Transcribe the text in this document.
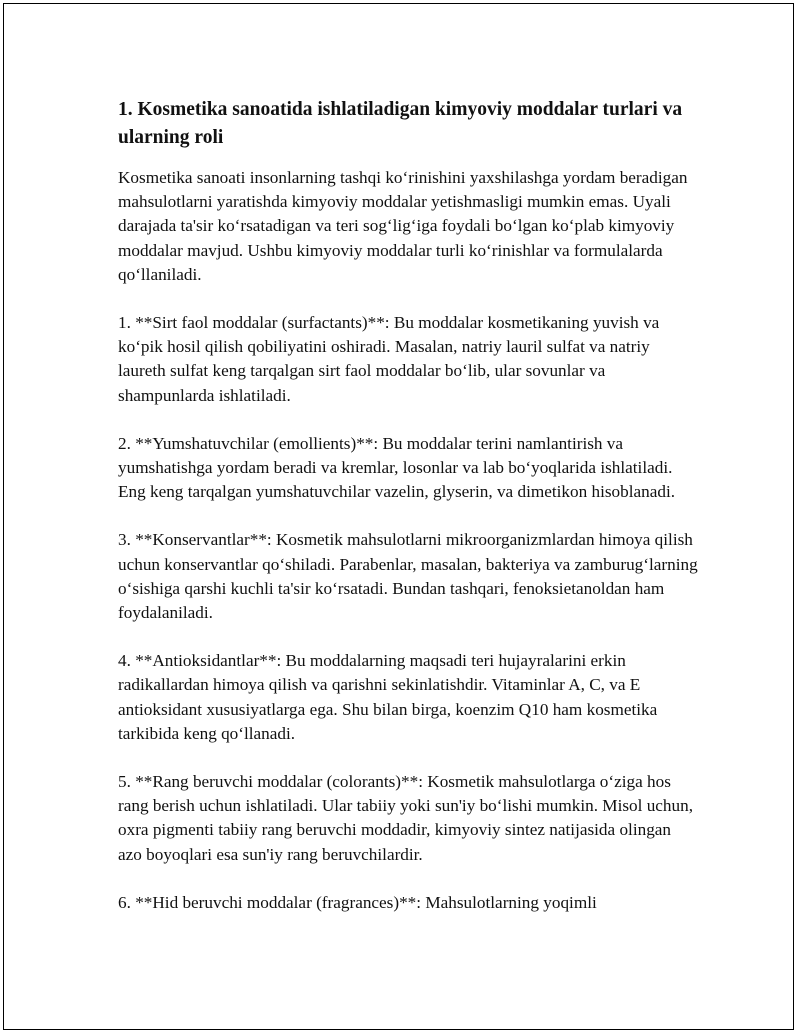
1. Kosmetika sanoatida ishlatiladigan kimyoviy moddalar turlari va ularning roli

Kosmetika sanoati insonlarning tashqi ko‘rinishini yaxshilashga yordam beradigan mahsulotlarni yaratishda kimyoviy moddalar yetishmasligi mumkin emas. Uyali darajada ta'sir ko‘rsatadigan va teri sog‘lig‘iga foydali bo‘lgan ko‘plab kimyoviy moddalar mavjud. Ushbu kimyoviy moddalar turli ko‘rinishlar va formulalarda qo‘llaniladi.

1. **Sirt faol moddalar (surfactants)**: Bu moddalar kosmetikaning yuvish va ko‘pik hosil qilish qobiliyatini oshiradi. Masalan, natriy lauril sulfat va natriy laureth sulfat keng tarqalgan sirt faol moddalar bo‘lib, ular sovunlar va shampunlarda ishlatiladi.

2. **Yumshatuvchilar (emollients)**: Bu moddalar terini namlantirish va yumshatishga yordam beradi va kremlar, losonlar va lab bo‘yoqlarida ishlatiladi. Eng keng tarqalgan yumshatuvchilar vazelin, glyserin, va dimetikon hisoblanadi.

3. **Konservantlar**: Kosmetik mahsulotlarni mikroorganizmlardan himoya qilish uchun konservantlar qo‘shiladi. Parabenlar, masalan, bakteriya va zamburug‘larning o‘sishiga qarshi kuchli ta'sir ko‘rsatadi. Bundan tashqari, fenoksietanoldan ham foydalaniladi.

4. **Antioksidantlar**: Bu moddalarning maqsadi teri hujayralarini erkin radikallardan himoya qilish va qarishni sekinlatishdir. Vitaminlar A, C, va E antioksidant xususiyatlarga ega. Shu bilan birga, koenzim Q10 ham kosmetika tarkibida keng qo‘llanadi.

5. **Rang beruvchi moddalar (colorants)**: Kosmetik mahsulotlarga o‘ziga hos rang berish uchun ishlatiladi. Ular tabiiy yoki sun'iy bo‘lishi mumkin. Misol uchun, oxra pigmenti tabiiy rang beruvchi moddadir, kimyoviy sintez natijasida olingan azo boyoqlari esa sun'iy rang beruvchilardir.

6. **Hid beruvchi moddalar (fragrances)**: Mahsulotlarning yoqimli
